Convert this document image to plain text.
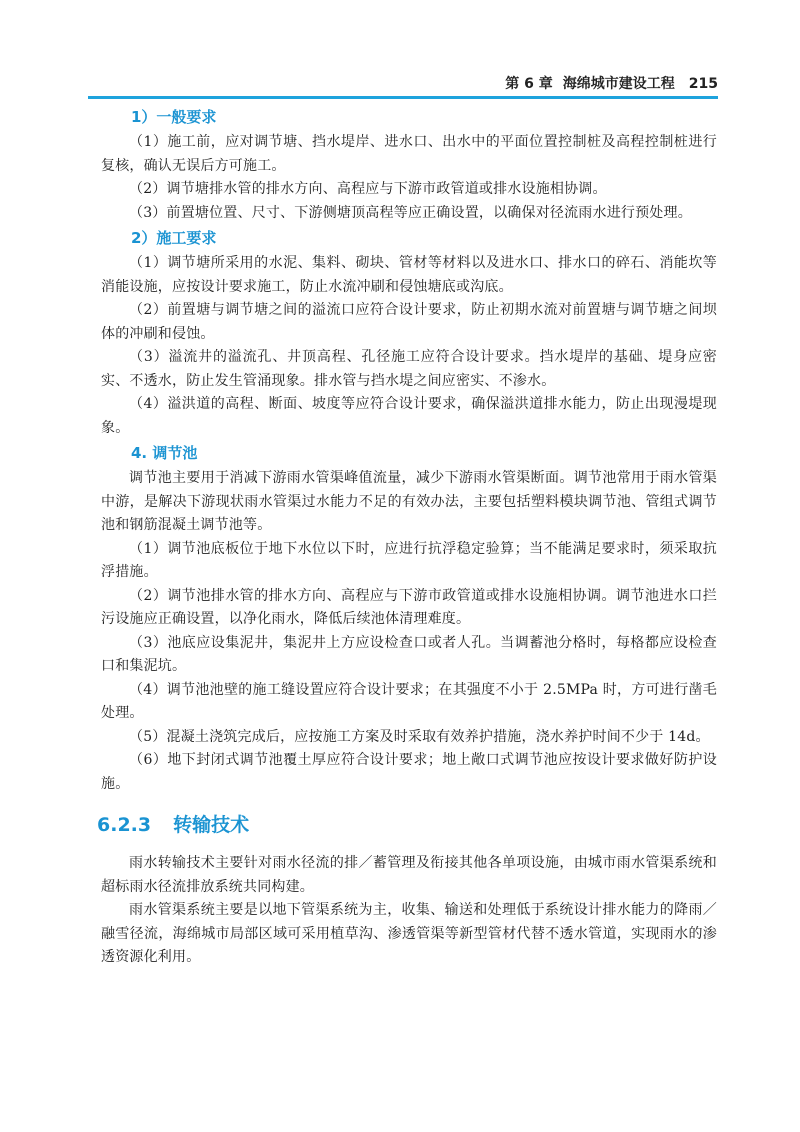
第 6 章 海绵城市建设工程 215
1）一般要求

（1）施工前，应对调节塘、挡水堤岸、进水口、出水中的平面位置控制桩及高程控制桩进行复核，确认无误后方可施工。

（2）调节塘排水管的排水方向、高程应与下游市政管道或排水设施相协调。

（3）前置塘位置、尺寸、下游侧塘顶高程等应正确设置，以确保对径流雨水进行预处理。

2）施工要求

（1）调节塘所采用的水泥、集料、砌块、管材等材料以及进水口、排水口的碎石、消能坎等消能设施，应按设计要求施工，防止水流冲刷和侵蚀塘底或沟底。

（2）前置塘与调节塘之间的溢流口应符合设计要求，防止初期水流对前置塘与调节塘之间坝体的冲刷和侵蚀。

（3）溢流井的溢流孔、井顶高程、孔径施工应符合设计要求。挡水堤岸的基础、堤身应密实、不透水，防止发生管涌现象。排水管与挡水堤之间应密实、不渗水。

（4）溢洪道的高程、断面、坡度等应符合设计要求，确保溢洪道排水能力，防止出现漫堤现象。

4. 调节池

调节池主要用于消减下游雨水管渠峰值流量，减少下游雨水管渠断面。调节池常用于雨水管渠中游，是解决下游现状雨水管渠过水能力不足的有效办法，主要包括塑料模块调节池、管组式调节池和钢筋混凝土调节池等。

（1）调节池底板位于地下水位以下时，应进行抗浮稳定验算；当不能满足要求时，须采取抗浮措施。

（2）调节池排水管的排水方向、高程应与下游市政管道或排水设施相协调。调节池进水口拦污设施应正确设置，以净化雨水，降低后续池体清理难度。

（3）池底应设集泥井，集泥井上方应设检查口或者人孔。当调蓄池分格时，每格都应设检查口和集泥坑。

（4）调节池池壁的施工缝设置应符合设计要求；在其强度不小于 2.5MPa 时，方可进行凿毛处理。

（5）混凝土浇筑完成后，应按施工方案及时采取有效养护措施，浇水养护时间不少于 14d。

（6）地下封闭式调节池覆土厚应符合设计要求；地上敞口式调节池应按设计要求做好防护设施。

6.2.3 转输技术

雨水转输技术主要针对雨水径流的排／蓄管理及衔接其他各单项设施，由城市雨水管渠系统和超标雨水径流排放系统共同构建。

雨水管渠系统主要是以地下管渠系统为主，收集、输送和处理低于系统设计排水能力的降雨／融雪径流，海绵城市局部区域可采用植草沟、渗透管渠等新型管材代替不透水管道，实现雨水的渗透资源化利用。
